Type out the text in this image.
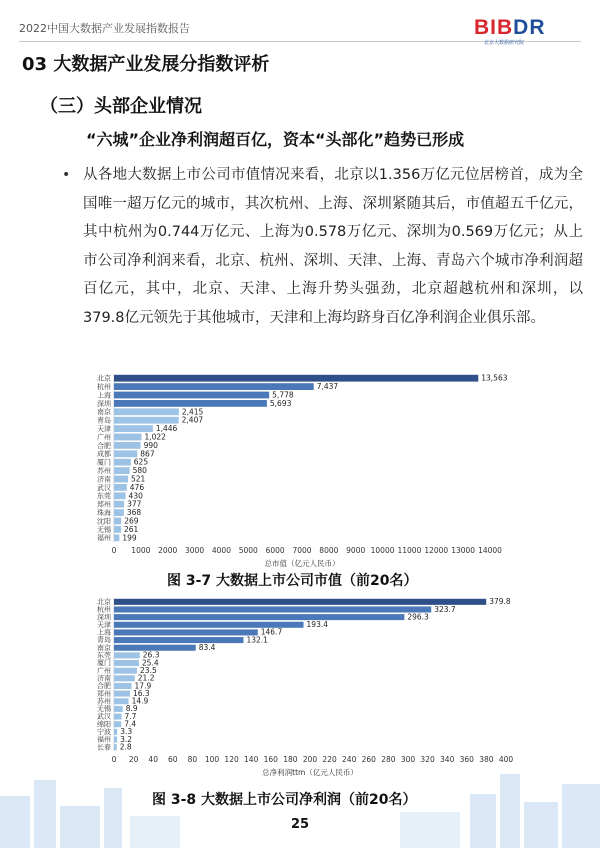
2022中国大数据产业发展指数报告	BIBDR
北京大数据研究院
03 大数据产业发展分指数评析
（三）头部企业情况
“六城”企业净利润超百亿，资本“头部化”趋势已形成
• 从各地大数据上市公司市值情况来看，北京以1.356万亿元位居榜首，成为全国唯一超万亿元的城市，其次杭州、上海、深圳紧随其后，市值超五千亿元，其中杭州为0.744万亿元、上海为0.578万亿元、深圳为0.569万亿元；从上市公司净利润来看，北京、杭州、深圳、天津、上海、青岛六个城市净利润超百亿元，其中，北京、天津、上海升势头强劲，北京超越杭州和深圳，以379.8亿元领先于其他城市，天津和上海均跻身百亿净利润企业俱乐部。
0 1000 2000 3000 4000 5000 6000 7000 8000 9000 10000 11000 12000 13000 14000
北京	13,563
杭州	7,437
上海	5,778
深圳	5,693
南京	2,415
青岛	2,407
天津	1,446
广州	1,022
合肥	990
成都	867
厦门	625
苏州	580
济南	521
武汉	476
东莞 430
郑州 377
珠海 368
沈阳 269
无锡 261
福州 199
总市值（亿元人民币）
图 3-7 大数据上市公司市值（前20名）
0 20 40 60 80 100 120 140 160 180 200 220 240 260 280 300 320 340 360 380 400
北京	379.8
杭州	323.7
深圳	296.3
天津	193.4
上海	146.7
青岛	132.1
南京	83.4
东莞	26.3
厦门	25.4
广州	23.5
济南	21.2
合肥	17.9
郑州	16.3
苏州	14.9
无锡 8.9
武汉 7.7
绵阳 7.4
宁波 3.3
福州 3.2
长春 2.8
总净利润ttm（亿元人民币）
图 3-8 大数据上市公司净利润（前20名）
25
